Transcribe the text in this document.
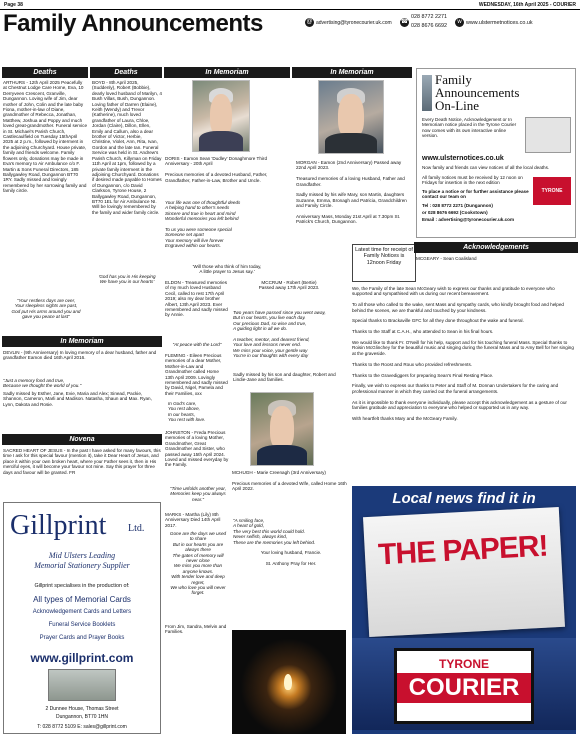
Page 38	WEDNESDAY, 16th April 2025 - COURIER
Family Announcements	@ advertising@tyronecourier.uk.com ☎
028 8772 2271
028 8676 6692
w www.ulstermetnotices.co.uk
Deaths	Deaths
ARTHURS - 12th April 2025 Peacefully at Chestnut Lodge Care Home, Eva, 10 Derryveen Crescent, Granville, Dungannon. Loving wife of Jim, dear mother of John, Colin and the late baby Fiona, mother-in-law of Diane, grandmother of Rebecca, Jonathan, Matthew, Joshua and Poppy and much loved great-grandmother. Funeral service in St. Michael's Parish Church, Castlecaulfield on Tuesday 15thApril 2025 at 2 p.m., followed by interment in the adjoining Churchyard. House private, family and friends welcome. Family flowers only, donations may be made in Eva's memory to Air Ambulance c/o F. Martin & Sons Funeral Directors, 185 Ballygawley Road, Dungannon BT70 1RY. Sadly missed and lovingly remembered by her sorrowing family and family circle.
"Your restless days are over,
Your sleepless nights are past,
God put His arms around you and gave you peace at last"
BOYD - 8th April 2025, (Suddenly), Robert (Bobbie), dearly loved husband of Marilyn, 4 Bush Villas, Bush, Dungannon. Loving father of Darren (Elaine), Keith (Wendy) and Trevor (Katherine), much loved grandfather of Laura, Chloe, Jordan (Claire), Dillon, Ellen, Emily and Callum, also a dear brother of Victor, Herbie, Christine, Violet, Ann, Rita, Ivan, Gordon and the late Ian. Funeral Service was held in St. Andrew's Parish Church, Killyman on Friday 11th April at 1pm, followed by a private family interment in the adjoining Churchyard. Donations if desired made payable to Homes of Dungannon, c/o David Clarkson, Tyrone House, 2 Ballygawley Road, Dungannon, BT70 1EL for Air Ambulance NI. Will be lovingly remembered by the family and wider family circle.
'God has you in His keeping
We have you in our hearts'
In Memoriam
DEVLIN - (9th Anniversary) In loving memory of a dear husband, father and grandfather Eamon died 16th April 2016.
"Just a memory fond and true,
Because we thought the world of you."
Sadly missed by Esther, Jane, Evie, Maria and Alex; Sinead, Packie, Shannon, Cameron, Marli and Madison. Natasha, Shaun and Max. Ryan, Lynn, Dakota and Rosie.
Novena
SACRED HEART OF JESUS - In the past I have asked for many favours, this time I ask for this special favour (mention it), take it Dear Heart of Jesus, and place it within your own broken heart, where your Father sees it, then in His merciful eyes, it will become your favour not mine. Say this prayer for three days and favour will be granted. FR
Gillprint Ltd.
Mid Ulsters Leading
Memorial Stationery Supplier
Gillprint specialises in the production of:
All types of Memorial Cards
Acknowledgement Cards and Letters
Funeral Service Booklets
Prayer Cards and Prayer Books
www.gillprint.com
2 Dunnee House, Thomas Street
Dungannon, BT70 1HN
T: 028 8772 5109 E: sales@gillprint.com
In Memoriam
DORIS - Eamon Sean 'Dudley' Donaghmore Third Anniversary - 20th April

Precious memories of a devoted Husband, Father, Grandfather, Father-in-Law, Brother and Uncle.
Your life was one of thoughtful deeds
A helping hand to other's needs
Sincere and true in heart and mind
Wonderful memories you left behind

To us you were someone special
Someone set apart
Your memory will live forever
Engraved within our hearts.
'Will those who think of him today,
A little prayer to Jesus say.'
ELDON - Treasured memories of my much loved Husband Cecil, called to rest 17th April 2019; also my dear brother Albert, 13th April 2023. Ever remembered and sadly missed by Annie.
"At peace with the Lord"
FLEMING - Eileen Precious memories of a dear Mother, Mother-in-Law and Grandmother called Home 13th April 2009. Lovingly remembered and sadly missed by David, Nigel, Pamela and their Families, xxx
In God's care,
You rest above,
In our hearts,
You rest with love.
JOHNSTON - Freda Precious memories of a loving Mother, Grandmother, Great Grandmother and Sister, who passed away 15th April 2024. Loved and missed everyday by the Family.
"Time unfolds another year,
Memories keep you always near."
MARKS - Martha (Lily) 8th Anniversary Died 14th April 2017.
Gone are the days we used to share
But in our hearts you are always there
The gates of memory will never close
We miss you more than anyone knows.
With tender love and deep regret,
We who love you will never forget.
From Jim, Sandra, Melvin and Families.
MCCRUM - Robert (Bertie)
Passed away 17th April 2023.
Two years have passed since you went away,
But in our hearts, you live each day.
Our precious Dad, so wise and true,
A guiding light in all we do.

A teacher, mentor, and dearest friend,
Your love and lessons never end.
We miss your voice, your gentle way
You're in our thoughts with every day
Sadly missed by his son and daughter, Robert and Lindie-Jane and families.
MCHUGH - Marie Creenagh (3rd Anniversary)

Precious memories of a devoted Wife, called Home 16th April 2022.
"A smiling face,
A heart of gold,
The very best this world could hold.
Never selfish, always kind,
These are the memories you left behind.
Your loving husband, Francie.

St. Anthony Pray for Her.
In Memoriam
MORGAN - Eamon (2nd Anniversary) Passed away 22nd April 2023.

Treasured memories of a loving Husband, Father and Grandfather.

Sadly missed by his wife Mary, son Martin, daughters Suzanne, Emma, Bronagh and Patricia, Grandchildren and Family Circle.

Anniversary Mass, Monday 21st April at 7.30pm St. Patrick's Church, Dungannon.
Latest time for receipt of Family Notices is 12noon Friday
Family
Announcements
On-Line
Every Death Notice, Acknowledgement or In Memoriam notice placed in the Tyrone Courier now comes with its own interactive online version.
www.ulsternotices.co.uk
Now family and friends can view notices of all the local deaths.
All family notices must be received by 12 noon on Fridays for insertion in the next edition
To place a notice or for further assistance please contact our team on
Tel : 028 8772 2271 (Dungannon)
or 028 8676 6692 (Cookstown)
Email : advertising@tyronecourier.uk.com
TYRONE COURIER
Acknowledgements
MCGEARY - Sean Coalisland
We, the Family of the late Sean McGeary wish to express our thanks and gratitude to everyone who supported and sympathised with us during our recent bereavement.

To all those who called to the wake, sent Mass and sympathy cards, who kindly brought food and helped behind the scenes, we are thankful and touched by your kindness.

Special thanks to Brackaville GFC for all they done throughout the wake and funeral.

Thanks to the Staff at C.A.H., who attended to Sean in his final hours.

We would like to thank Fr. O'Neill for his help, support and for his touching funeral Mass. Special thanks to Roisin McGlinchey for the beautiful music and singing during the funeral Mass and to Amy Bell for her singing at the graveside.

Thanks to the Roost and Roux who provided refreshments.

Thanks to the Gravediggers for preparing Sean's Final Resting Place.

Finally, we wish to express our thanks to Peter and Staff of M. Donnan Undertakers for the caring and professional manner in which they carried out the funeral arrangements.

As it is impossible to thank everyone individually, please accept this acknowledgement as a gesture of our families gratitude and appreciation to everyone who helped or supported us in any way.

With heartfelt thanks Mary and the McGeary Family.
Local news find it in
THE PAPER!
TYRONE
COURIER
